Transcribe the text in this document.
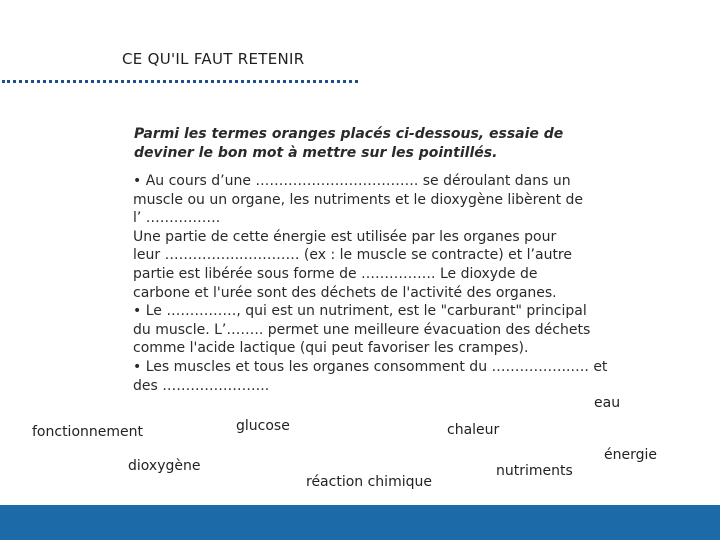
CE QU'IL FAUT RETENIR
Parmi les termes oranges placés ci-dessous, essaie de deviner le bon mot à mettre sur les pointillés.

• Au cours d’une ……………….……………. se déroulant dans un

muscle ou un organe, les nutriments et le dioxygène libèrent de

l’ …………….

Une partie de cette énergie est utilisée par les organes pour

leur ……………..………… (ex : le muscle se contracte) et l’autre

partie est libérée sous forme de ……………. Le dioxyde de

carbone et l'urée sont des déchets de l'activité des organes.

• Le ……………, qui est un nutriment, est le "carburant" principal

du muscle. L’…….. permet une meilleure évacuation des déchets

comme l'acide lactique (qui peut favoriser les crampes).

• Les muscles et tous les organes consomment du ……………..…. et

des …………………..

eau
glucose
fonctionnement	chaleur
énergie
dioxygène	nutriments
réaction chimique
